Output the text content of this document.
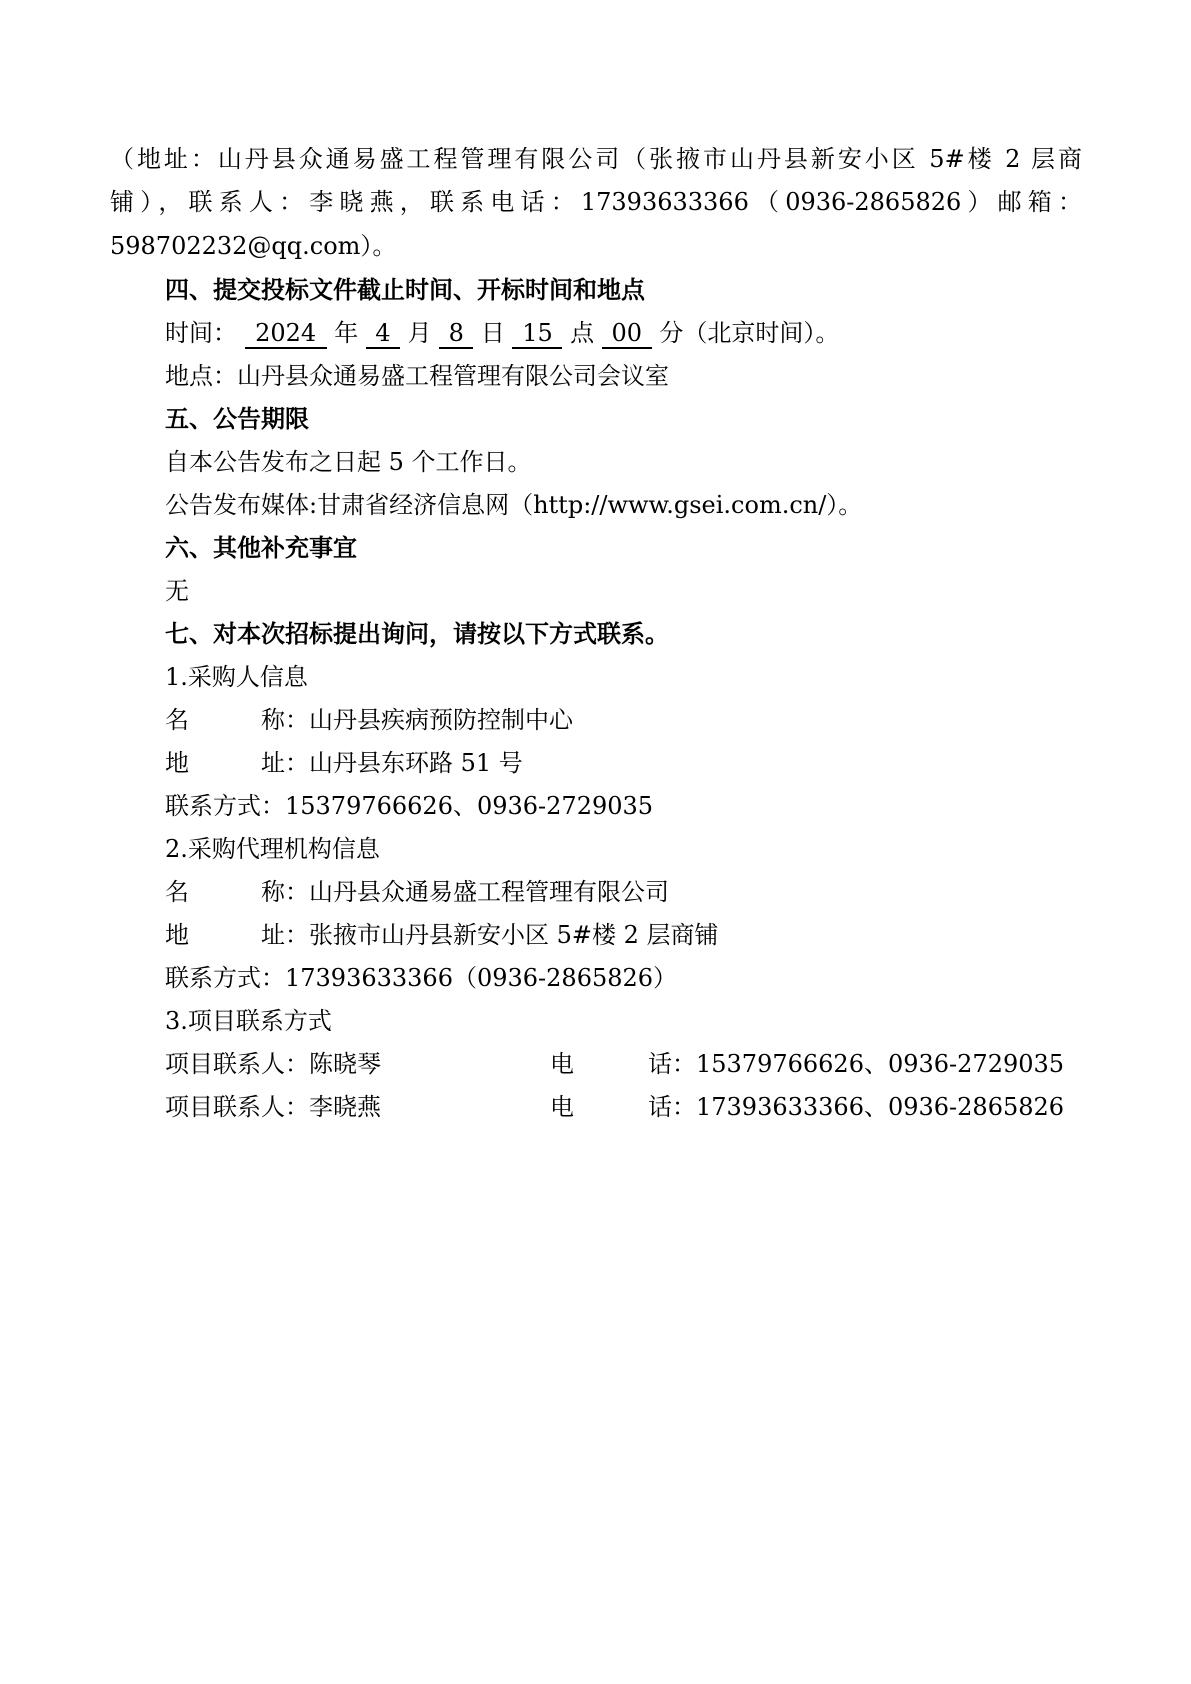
（地址：山丹县众通易盛工程管理有限公司（张掖市山丹县新安小区 5#楼 2 层商
铺），联系人：李晓燕，联系电话：17393633366（0936-2865826）邮箱：
598702232@qq.com）。
四、提交投标文件截止时间、开标时间和地点
时间： 2024 年 4 月 8 日 15 点 00 分（北京时间）。
地点：山丹县众通易盛工程管理有限公司会议室
五、公告期限
自本公告发布之日起 5 个工作日。
公告发布媒体:甘肃省经济信息网（http://www.gsei.com.cn/）。
六、其他补充事宜
无
七、对本次招标提出询问，请按以下方式联系。
1.采购人信息
名称：山丹县疾病预防控制中心
地址：山丹县东环路 51 号
联系方式：15379766626、0936-2729035
2.采购代理机构信息
名称：山丹县众通易盛工程管理有限公司
地址：张掖市山丹县新安小区 5#楼 2 层商铺
联系方式：17393633366（0936-2865826）
3.项目联系方式
项目联系人：陈晓琴	电	话：15379766626、0936-2729035
项目联系人：李晓燕	电	话：17393633366、0936-2865826
